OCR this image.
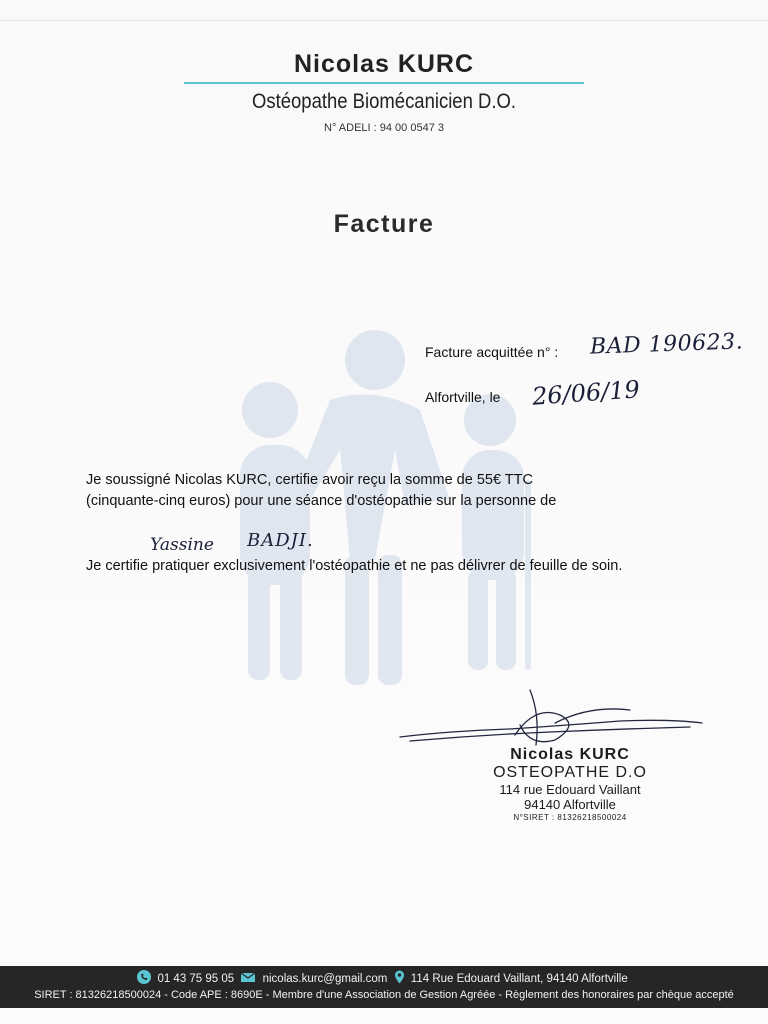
Nicolas KURC
Ostéopathe Biomécanicien D.O.
N° ADELI : 94 00 0547 3
Facture
Facture acquittée n° : BAD 190623.
Alfortville, le 26/06/19
Je soussigné Nicolas KURC, certifie avoir reçu la somme de 55€ TTC
(cinquante-cinq euros) pour une séance d'ostéopathie sur la personne de
Yassine BADJI.
Je certifie pratiquer exclusivement l'ostéopathie et ne pas délivrer de feuille de soin.
Nicolas KURC
OSTEOPATHE D.O
114 rue Edouard Vaillant
94140 Alfortville
N°SIRET : 81326218500024
01 43 75 95 05 nicolas.kurc@gmail.com 114 Rue Edouard Vaillant, 94140 Alfortville
SIRET : 81326218500024 - Code APE : 8690E - Membre d'une Association de Gestion Agréée - Règlement des honoraires par chèque accepté
